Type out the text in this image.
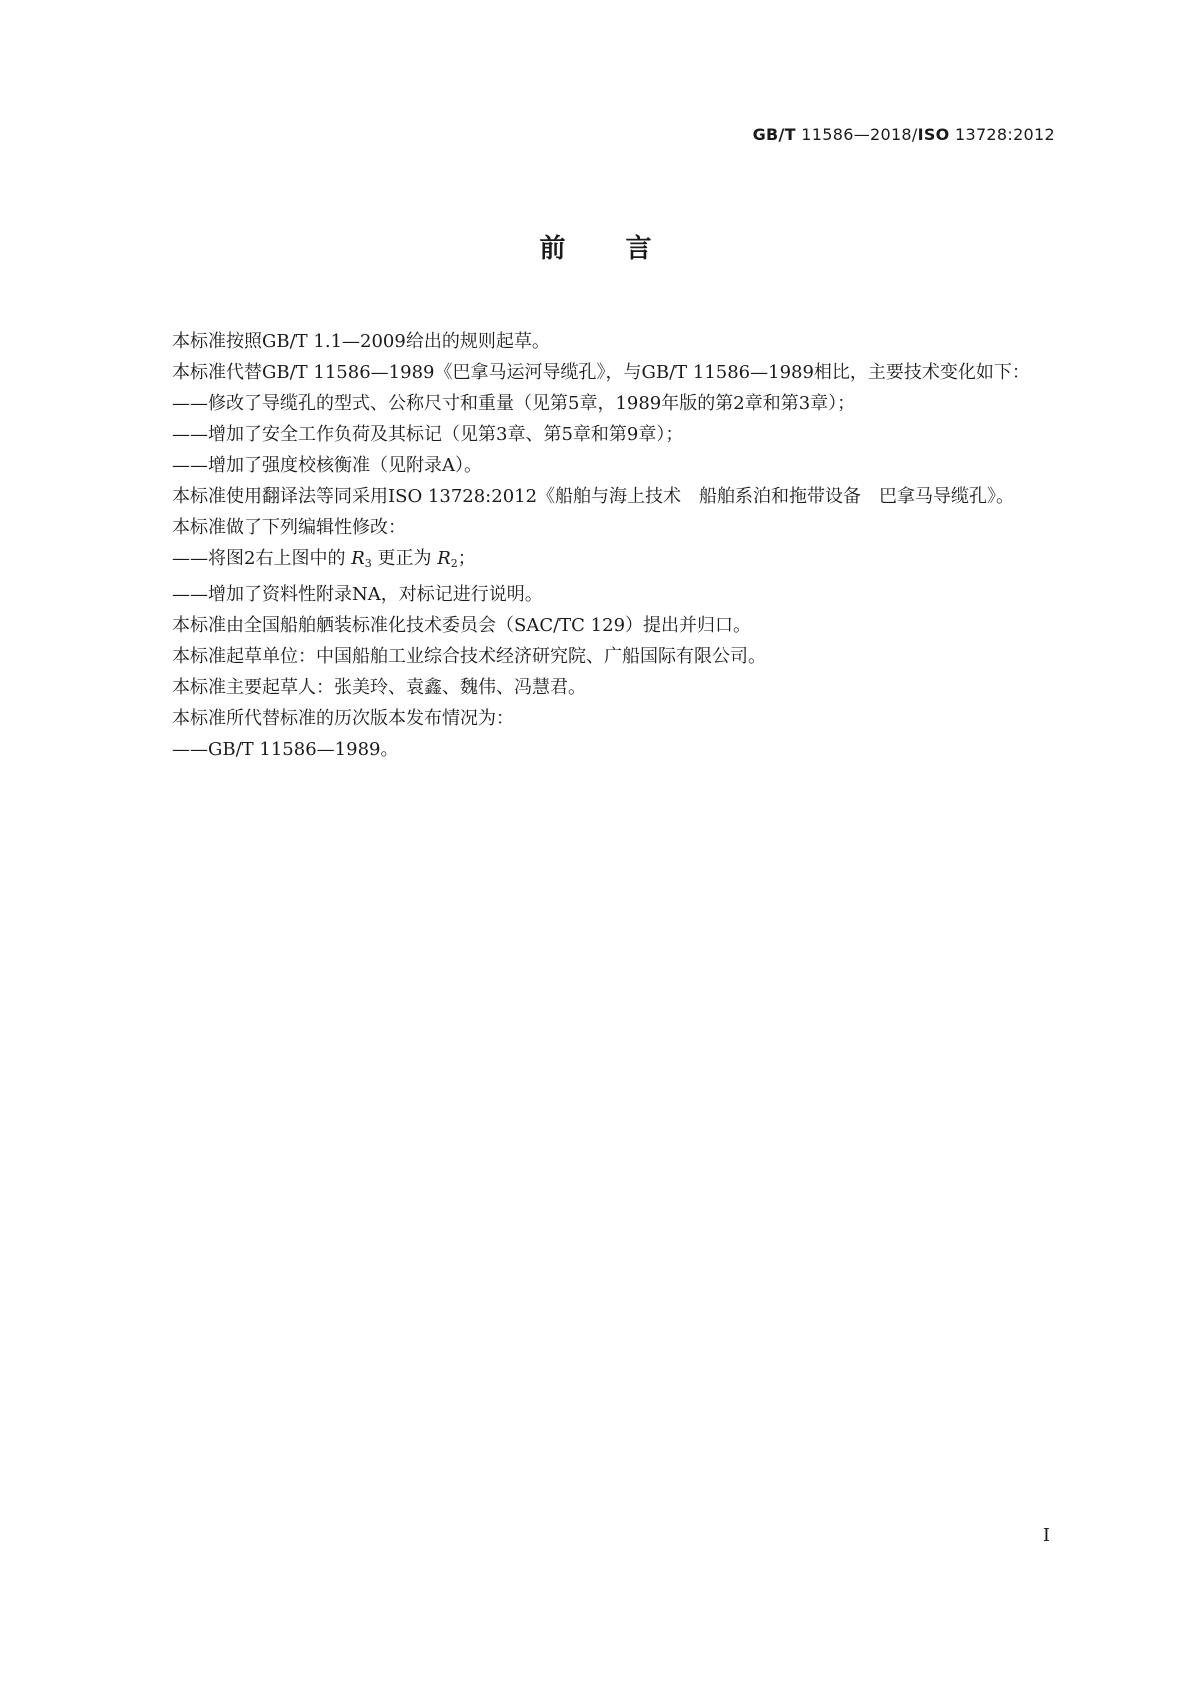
GB/T 11586—2018/ISO 13728:2012
前言

本标准按照GB/T 1.1—2009给出的规则起草。

本标准代替GB/T 11586—1989《巴拿马运河导缆孔》，与GB/T 11586—1989相比，主要技术变化如下：

——修改了导缆孔的型式、公称尺寸和重量（见第5章，1989年版的第2章和第3章）；

——增加了安全工作负荷及其标记（见第3章、第5章和第9章）；

——增加了强度校核衡准（见附录A）。

本标准使用翻译法等同采用ISO 13728:2012《船舶与海上技术　船舶系泊和拖带设备　巴拿马导缆孔》。

本标准做了下列编辑性修改：

——将图2右上图中的 $R_3$ 更正为 $R_2$；

——增加了资料性附录NA，对标记进行说明。

本标准由全国船舶舾装标准化技术委员会（SAC/TC 129）提出并归口。

本标准起草单位：中国船舶工业综合技术经济研究院、广船国际有限公司。

本标准主要起草人：张美玲、袁鑫、魏伟、冯慧君。

本标准所代替标准的历次版本发布情况为：

——GB/T 11586—1989。

I
